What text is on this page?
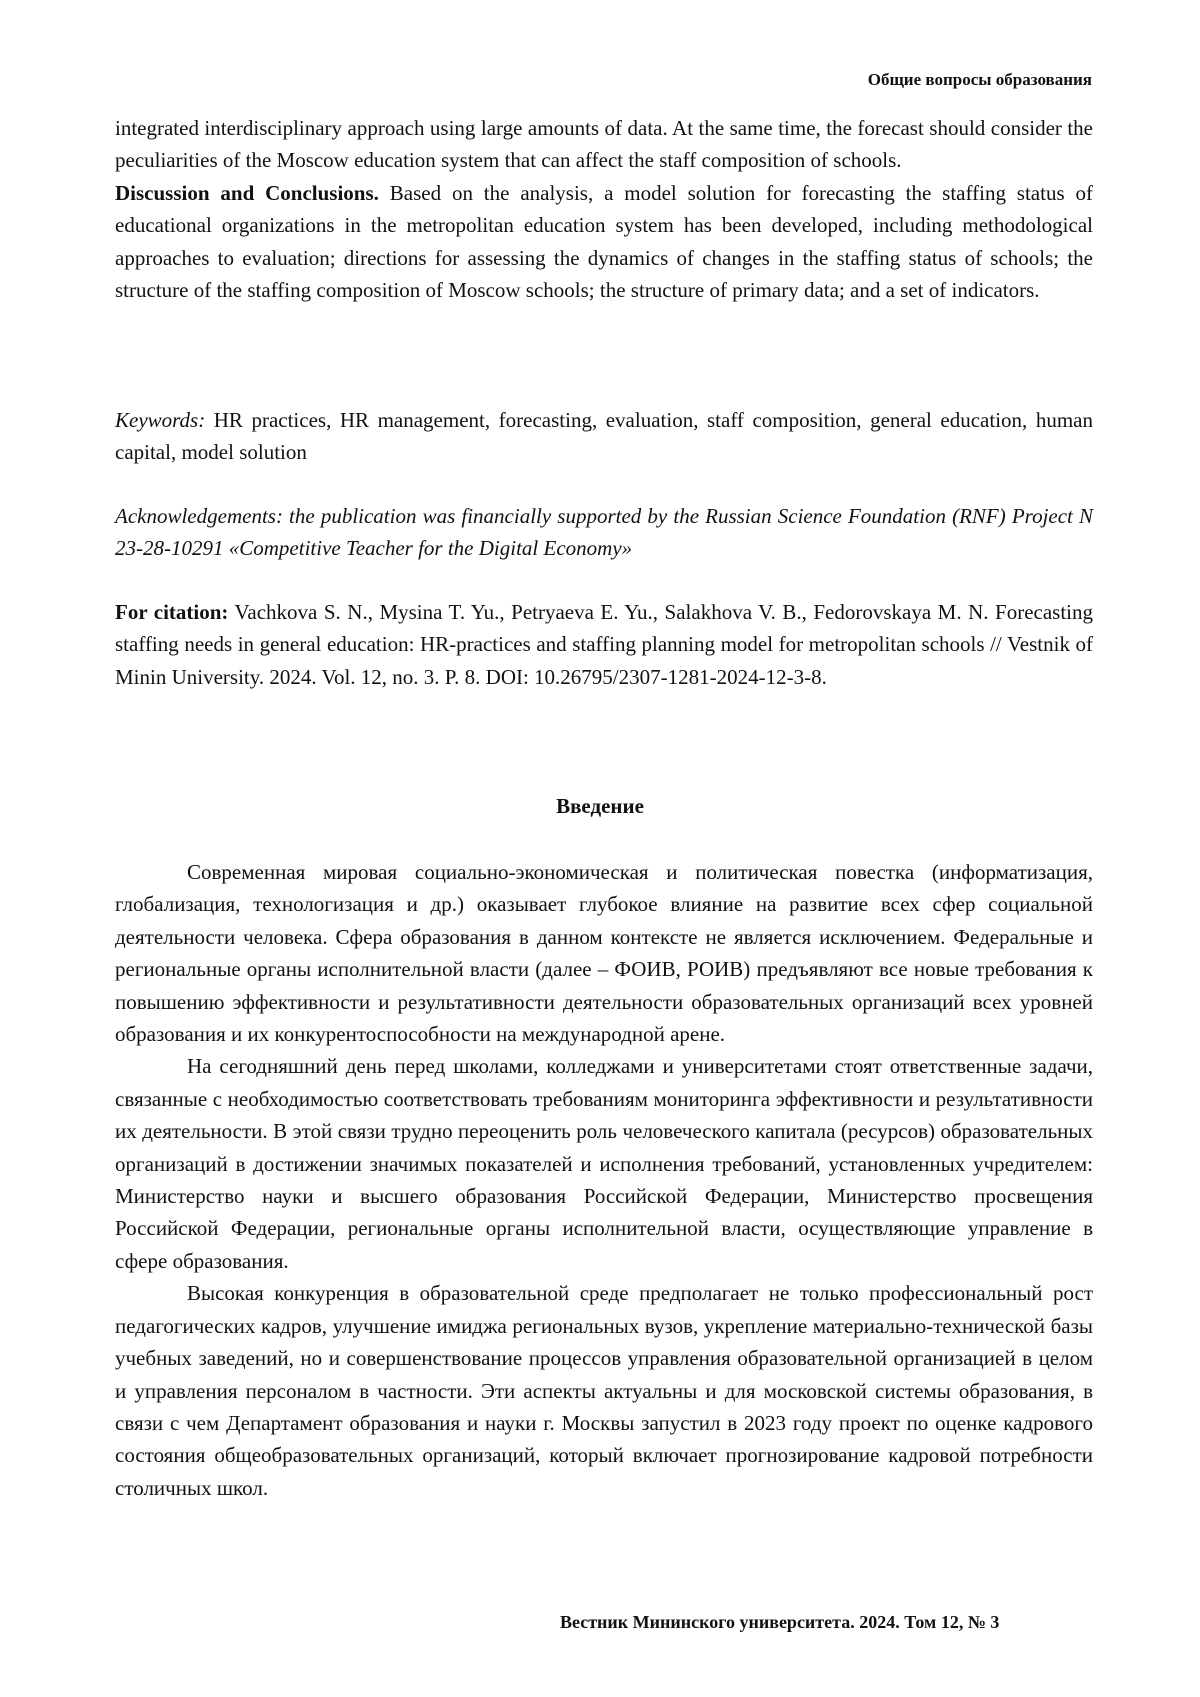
Общие вопросы образования

integrated interdisciplinary approach using large amounts of data. At the same time, the forecast should consider the peculiarities of the Moscow education system that can affect the staff composition of schools.

Discussion and Conclusions. Based on the analysis, a model solution for forecasting the staffing status of educational organizations in the metropolitan education system has been developed, including methodological approaches to evaluation; directions for assessing the dynamics of changes in the staffing status of schools; the structure of the staffing composition of Moscow schools; the structure of primary data; and a set of indicators.

Keywords: HR practices, HR management, forecasting, evaluation, staff composition, general education, human capital, model solution

Acknowledgements: the publication was financially supported by the Russian Science Foundation (RNF) Project N 23-28-10291 «Competitive Teacher for the Digital Economy»

For citation: Vachkova S. N., Mysina T. Yu., Petryaeva E. Yu., Salakhova V. B., Fedorovskaya M. N. Forecasting staffing needs in general education: HR-practices and staffing planning model for metropolitan schools // Vestnik of Minin University. 2024. Vol. 12, no. 3. P. 8. DOI: 10.26795/2307-1281-2024-12-3-8.

Введение

Современная мировая социально-экономическая и политическая повестка (информатизация, глобализация, технологизация и др.) оказывает глубокое влияние на развитие всех сфер социальной деятельности человека. Сфера образования в данном контексте не является исключением. Федеральные и региональные органы исполнительной власти (далее – ФОИВ, РОИВ) предъявляют все новые требования к повышению эффективности и результативности деятельности образовательных организаций всех уровней образования и их конкурентоспособности на международной арене.

На сегодняшний день перед школами, колледжами и университетами стоят ответственные задачи, связанные с необходимостью соответствовать требованиям мониторинга эффективности и результативности их деятельности. В этой связи трудно переоценить роль человеческого капитала (ресурсов) образовательных организаций в достижении значимых показателей и исполнения требований, установленных учредителем: Министерство науки и высшего образования Российской Федерации, Министерство просвещения Российской Федерации, региональные органы исполнительной власти, осуществляющие управление в сфере образования.

Высокая конкуренция в образовательной среде предполагает не только профессиональный рост педагогических кадров, улучшение имиджа региональных вузов, укрепление материально-технической базы учебных заведений, но и совершенствование процессов управления образовательной организацией в целом и управления персоналом в частности. Эти аспекты актуальны и для московской системы образования, в связи с чем Департамент образования и науки г. Москвы запустил в 2023 году проект по оценке кадрового состояния общеобразовательных организаций, который включает прогнозирование кадровой потребности столичных школ.

Вестник Мининского университета. 2024. Том 12, № 3
